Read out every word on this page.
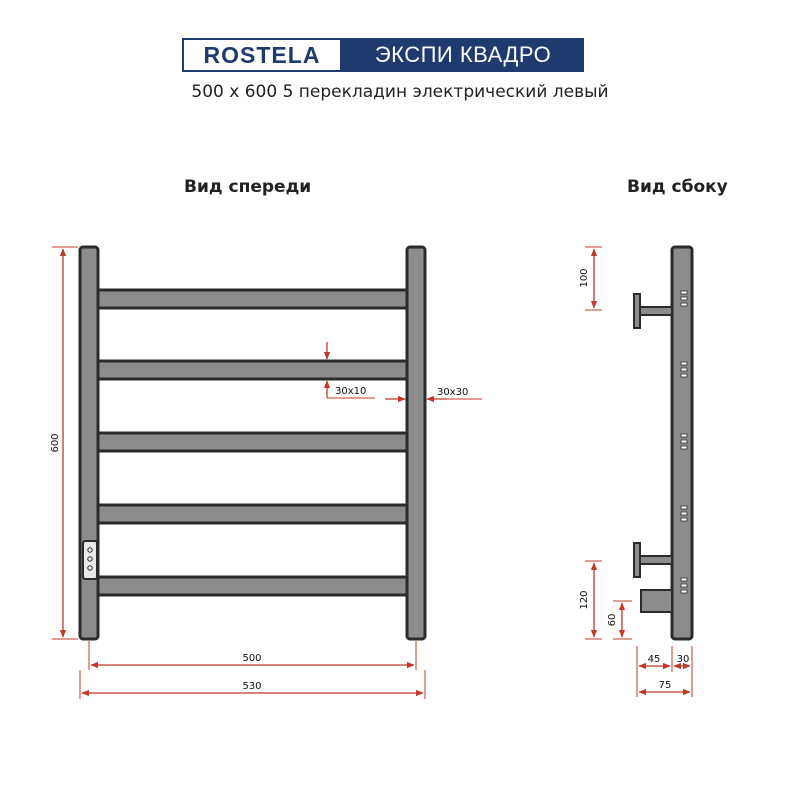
ROSTELA	ЭКСПИ КВАДРО
500 х 600 5 перекладин электрический левый
Вид спереди	Вид сбоку
600
500
530
30х10	30х30
100
120
60
45 30
75
